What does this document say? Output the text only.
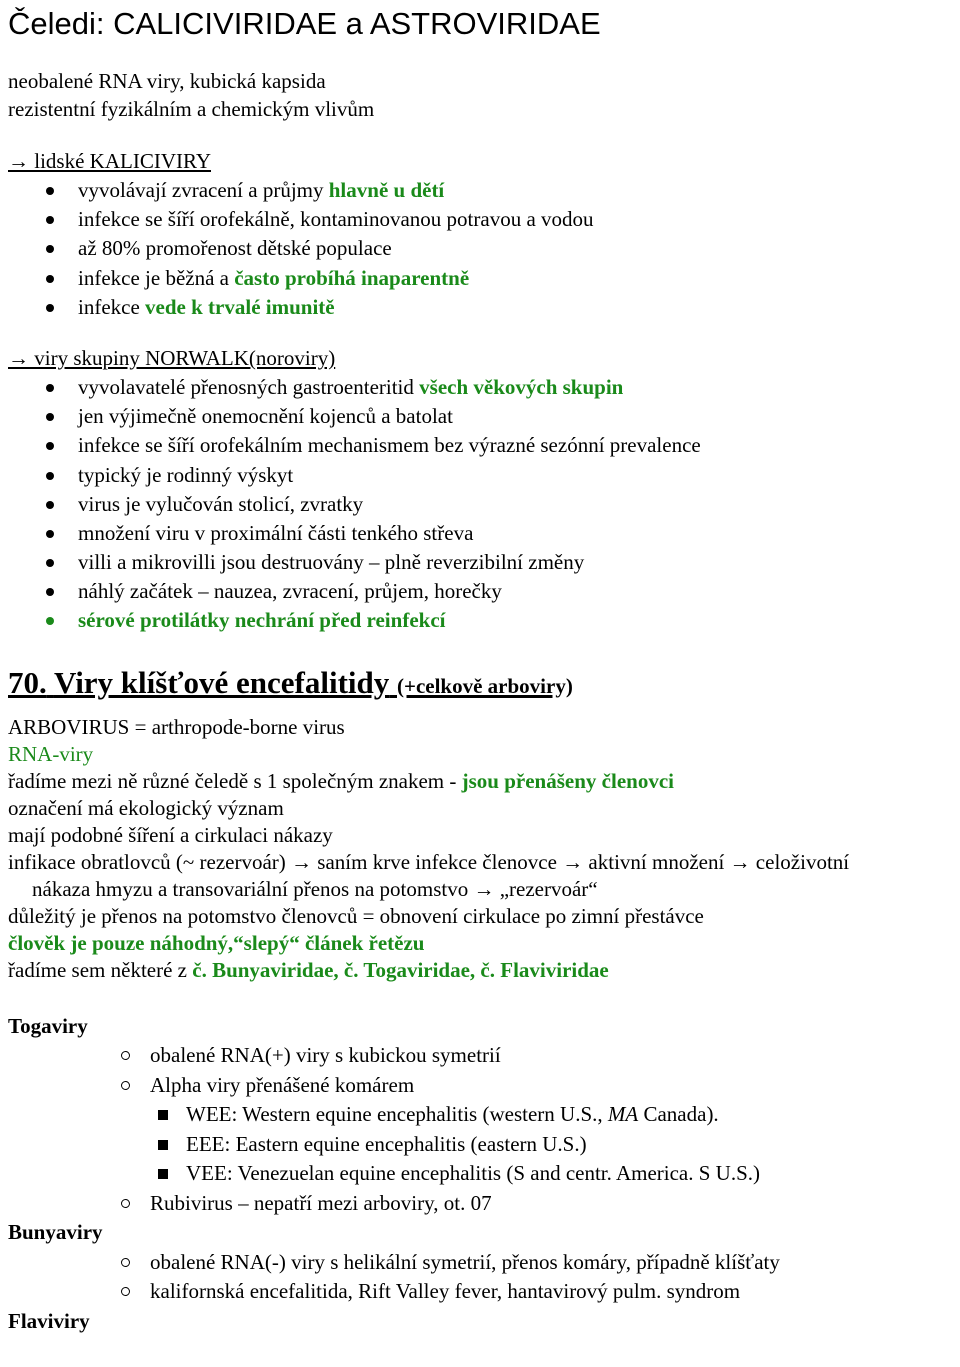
Čeledi: CALICIVIRIDAE a ASTROVIRIDAE
neobalené RNA viry, kubická kapsida
rezistentní fyzikálním a chemickým vlivům
→ lidské KALICIVIRY
vyvolávají zvracení a průjmy hlavně u dětí
infekce se šíří orofekálně, kontaminovanou potravou a vodou
až 80% promořenost dětské populace
infekce je běžná a často probíhá inaparentně
infekce vede k trvalé imunitě
→ viry skupiny NORWALK(noroviry)
vyvolavatelé přenosných gastroenteritid všech věkových skupin
jen výjimečně onemocnění kojenců a batolat
infekce se šíří orofekálním mechanismem bez výrazné sezónní prevalence
typický je rodinný výskyt
virus je vylučován stolicí, zvratky
množení viru v proximální části tenkého střeva
villi a mikrovilli jsou destruovány – plně reverzibilní změny
náhlý začátek – nauzea, zvracení, průjem, horečky
sérové protilátky nechrání před reinfekcí
70. Viry klíšťové encefalitidy (+celkově arboviry)
ARBOVIRUS = arthropode-borne virus
RNA-viry
řadíme mezi ně různé čeledě s 1 společným znakem - jsou přenášeny členovci
označení má ekologický význam
mají podobné šíření a cirkulaci nákazy
infikace obratlovců (~ rezervoár) → saním krve infekce členovce → aktivní množení → celoživotní
nákaza hmyzu a transovariální přenos na potomstvo → „rezervoár“
důležitý je přenos na potomstvo členovců = obnovení cirkulace po zimní přestávce
člověk je pouze náhodný,“slepý“ článek řetězu
řadíme sem některé z č. Bunyaviridae, č. Togaviridae, č. Flaviviridae
Togaviry
obalené RNA(+) viry s kubickou symetrií
Alpha viry přenášené komárem
WEE: Western equine encephalitis (western U.S., MA Canada).
EEE: Eastern equine encephalitis (eastern U.S.)
VEE: Venezuelan equine encephalitis (S and centr. America. S U.S.)
Rubivirus – nepatří mezi arboviry, ot. 07
Bunyaviry
obalené RNA(-) viry s helikální symetrií, přenos komáry, případně klíšťaty
kalifornská encefalitida, Rift Valley fever, hantavirový pulm. syndrom
Flaviviry
